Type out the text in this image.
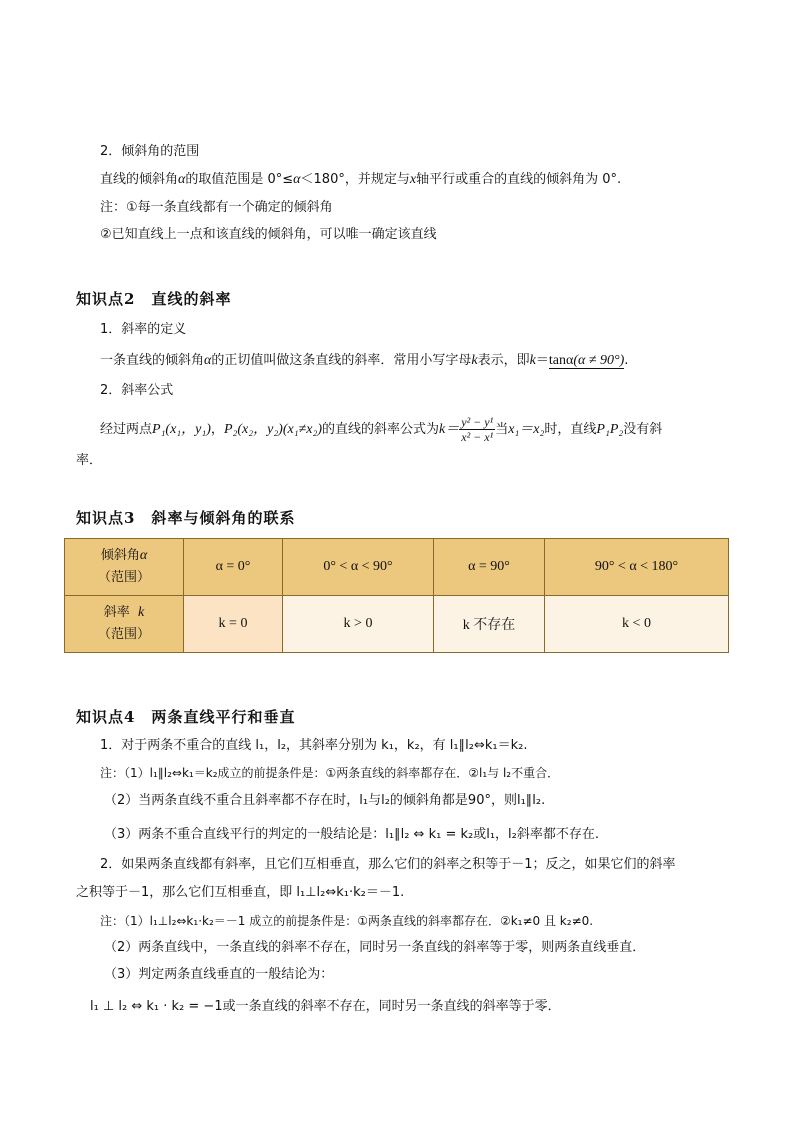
2．倾斜角的范围
直线的倾斜角α的取值范围是 0°≤α＜180°，并规定与x轴平行或重合的直线的倾斜角为 0°.
注：①每一条直线都有一个确定的倾斜角
②已知直线上一点和该直线的倾斜角，可以唯一确定该直线
知识点2　直线的斜率
1．斜率的定义
一条直线的倾斜角α的正切值叫做这条直线的斜率．常用小写字母k表示，即k＝tanα(α ≠ 90°).
2．斜率公式
经过两点P₁(x₁，y₁)，P₂(x₂，y₂)(x₁≠x₂)的直线的斜率公式为$k= \frac{\text{y² − y¹}}{\text{x² − x¹}}$ 当x₁＝x₂时，直线P₁P₂没有斜
率．
知识点3　斜率与倾斜角的联系
倾斜角α
（范围）	α = 0°	0° < α < 90°	α = 90°	90° < α < 180°

斜率 k
（范围）	k = 0	k > 0	k 不存在	k < 0
知识点4　两条直线平行和垂直
1．对于两条不重合的直线 l₁，l₂，其斜率分别为 k₁，k₂，有 l₁∥l₂⇔k₁＝k₂.
注：（1）l₁∥l₂⇔k₁＝k₂成立的前提条件是：①两条直线的斜率都存在．②l₁与 l₂不重合．
（2）当两条直线不重合且斜率都不存在时，l₁与l₂的倾斜角都是90°，则l₁∥l₂.
（3）两条不重合直线平行的判定的一般结论是：l₁∥l₂ ⇔ k₁ = k₂或l₁，l₂斜率都不存在.
2．如果两条直线都有斜率，且它们互相垂直，那么它们的斜率之积等于－1；反之，如果它们的斜率
之积等于－1，那么它们互相垂直，即 l₁⊥l₂⇔k₁·k₂＝－1.
注：（1）l₁⊥l₂⇔k₁·k₂＝－1 成立的前提条件是：①两条直线的斜率都存在．②k₁≠0 且 k₂≠0.
（2）两条直线中，一条直线的斜率不存在，同时另一条直线的斜率等于零，则两条直线垂直．
（3）判定两条直线垂直的一般结论为：
l₁ ⊥ l₂ ⇔ k₁ · k₂ = −1或一条直线的斜率不存在，同时另一条直线的斜率等于零．
